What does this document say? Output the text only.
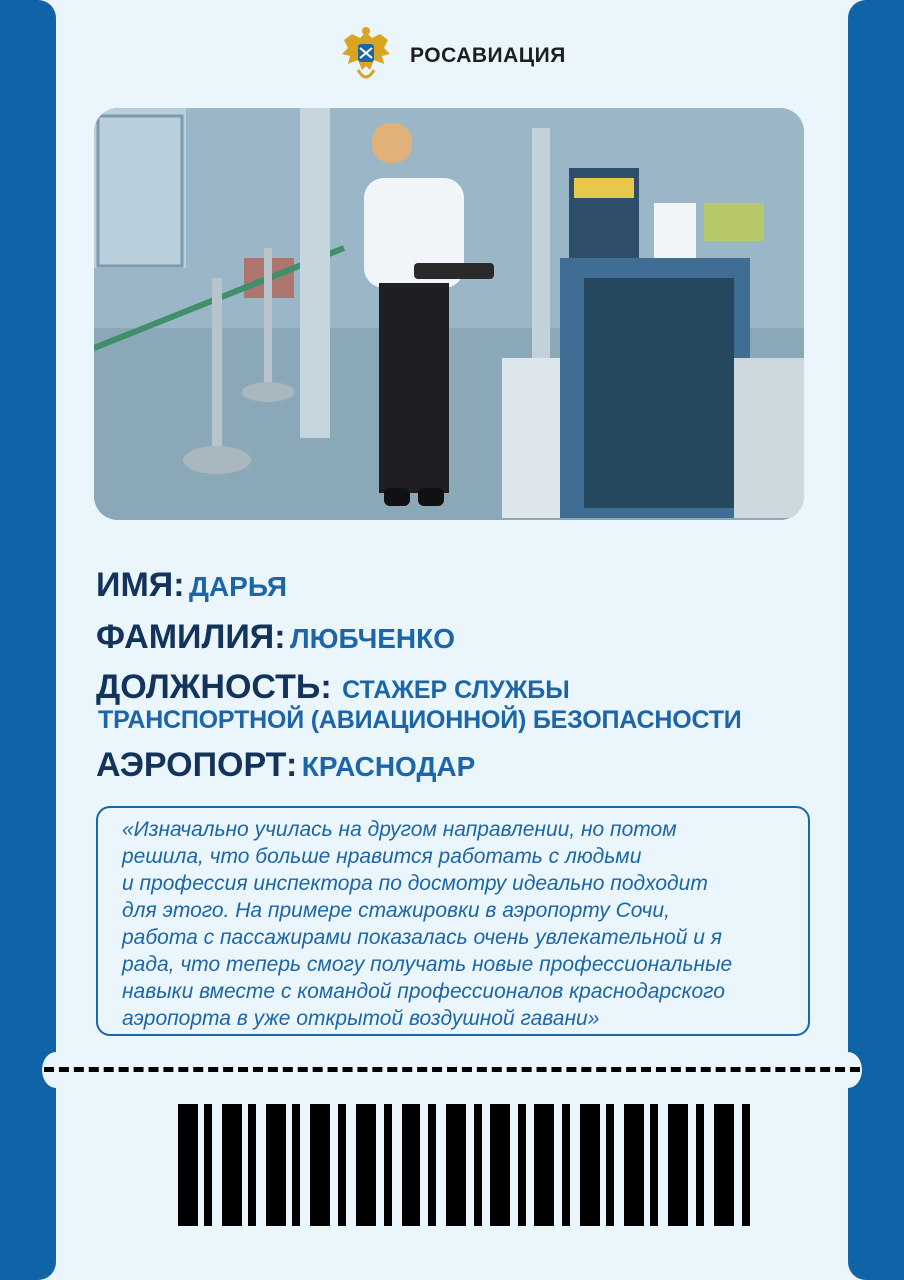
РОСАВИАЦИЯ
ИМЯ: ДАРЬЯ
ФАМИЛИЯ: ЛЮБЧЕНКО
ДОЛЖНОСТЬ: СТАЖЕР СЛУЖБЫ
ТРАНСПОРТНОЙ (АВИАЦИОННОЙ) БЕЗОПАСНОСТИ
АЭРОПОРТ: КРАСНОДАР

«Изначально училась на другом направлении, но потом
решила, что больше нравится работать с людьми
и профессия инспектора по досмотру идеально подходит
для этого. На примере стажировки в аэропорту Сочи,
работа с пассажирами показалась очень увлекательной и я
рада, что теперь смогу получать новые профессиональные
навыки вместе с командой профессионалов краснодарского
аэропорта в уже открытой воздушной гавани»
